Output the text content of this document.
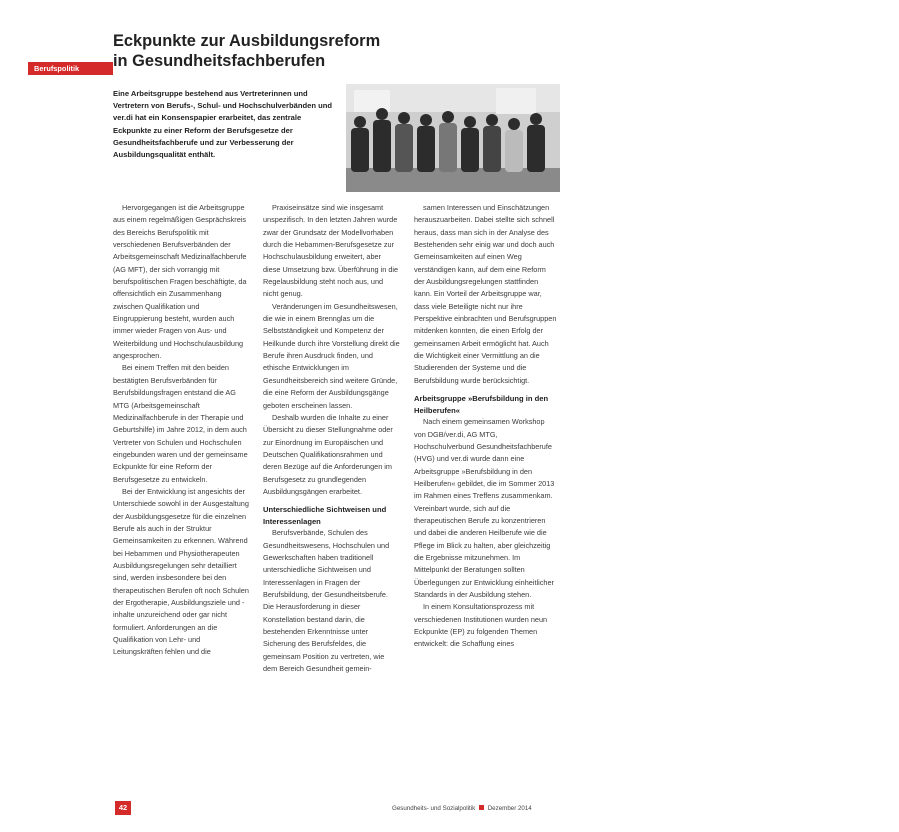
Eckpunkte zur Ausbildungsreform
in Gesundheitsfachberufen
Berufspolitik
Eine Arbeitsgruppe bestehend aus Vertreterinnen und Vertretern von Berufs-, Schul- und Hochschulverbänden und ver.di hat ein Konsenspapier erarbeitet, das zentrale Eckpunkte zu einer Reform der Berufsgesetze der Gesundheitsfachberufe und zur Verbesserung der Ausbildungsqualität enthält.
Foto: Jonas Schüle

Hervorgegangen ist die Arbeitsgruppe aus einem regelmäßigen Gesprächskreis des Bereichs Berufspolitik mit verschiedenen Berufsverbänden der Arbeitsgemeinschaft Medizinalfachberufe (AG MFT), der sich vorrangig mit berufspolitischen Fragen beschäftigte, da offensichtlich ein Zusammenhang zwischen Qualifikation und Eingruppierung besteht, wurden auch immer wieder Fragen von Aus- und Weiterbildung und Hochschulausbildung angesprochen.

Bei einem Treffen mit den beiden bestätigten Berufsverbänden für Berufsbildungsfragen entstand die AG MTG (Arbeitsgemeinschaft Medizinalfachberufe in der Therapie und Geburtshilfe) im Jahre 2012, in dem auch Vertreter von Schulen und Hochschulen eingebunden waren und der gemeinsame Eckpunkte für eine Reform der Berufsgesetze zu entwickeln.

Bei der Entwicklung ist angesichts der Unterschiede sowohl in der Ausgestaltung der Ausbildungsgesetze für die einzelnen Berufe als auch in der Struktur Gemeinsamkeiten zu erkennen. Während bei Hebammen und Physiotherapeuten Ausbildungsregelungen sehr detailliert sind, werden insbesondere bei den therapeutischen Berufen oft noch Schulen der Ergotherapie, Ausbildungsziele und -inhalte unzureichend oder gar nicht formuliert. Anforderungen an die Qualifikation von Lehr- und Leitungskräften fehlen und die

Praxiseinsätze sind wie insgesamt unspezifisch. In den letzten Jahren wurde zwar der Grundsatz der Modellvorhaben durch die Hebammen-Berufsgesetze zur Hochschulausbildung erweitert, aber diese Umsetzung bzw. Überführung in die Regelausbildung steht noch aus, und nicht genug.

Veränderungen im Gesundheitswesen, die wie in einem Brennglas um die Selbstständigkeit und Kompetenz der Heilkunde durch ihre Vorstellung direkt die Berufe ihren Ausdruck finden, und ethische Entwicklungen im Gesundheitsbereich sind weitere Gründe, die eine Reform der Ausbildungsgänge geboten erscheinen lassen.

Deshalb wurden die Inhalte zu einer Übersicht zu dieser Stellungnahme oder zur Einordnung im Europäischen und Deutschen Qualifikationsrahmen und deren Bezüge auf die Anforderungen im Berufsgesetz zu grundlegenden Ausbildungsgängen erarbeitet.

Unterschiedliche Sichtweisen und Interessenlagen

Berufsverbände, Schulen des Gesundheitswesens, Hochschulen und Gewerkschaften haben traditionell unterschiedliche Sichtweisen und Interessenlagen in Fragen der Berufsbildung, der Gesundheitsberufe. Die Herausforderung in dieser Konstellation bestand darin, die bestehenden Erkenntnisse unter Sicherung des Berufsfeldes, die gemeinsam Position zu vertreten, wie dem Bereich Gesundheit gemein-

samen Interessen und Einschätzungen herauszuarbeiten. Dabei stellte sich schnell heraus, dass man sich in der Analyse des Bestehenden sehr einig war und doch auch Gemeinsamkeiten auf einen Weg verständigen kann, auf dem eine Reform der Ausbildungsregelungen stattfinden kann. Ein Vorteil der Arbeitsgruppe war, dass viele Beteiligte nicht nur ihre Perspektive einbrachten und Berufsgruppen mitdenken konnten, die einen Erfolg der gemeinsamen Arbeit ermöglicht hat. Auch die Wichtigkeit einer Vermittlung an die Studierenden der Systeme und die Berufsbildung wurde berücksichtigt.

Arbeitsgruppe »Berufsbildung in den Heilberufen«

Nach einem gemeinsamen Workshop von DGB/ver.di, AG MTG, Hochschulverbund Gesundheitsfachberufe (HVG) und ver.di wurde dann eine Arbeitsgruppe »Berufsbildung in den Heilberufen« gebildet, die im Sommer 2013 im Rahmen eines Treffens zusammenkam. Vereinbart wurde, sich auf die therapeutischen Berufe zu konzentrieren und dabei die anderen Heilberufe wie die Pflege im Blick zu halten, aber gleichzeitig die Ergebnisse mitzunehmen. Im Mittelpunkt der Beratungen sollten Überlegungen zur Entwicklung einheitlicher Standards in der Ausbildung stehen.

In einem Konsultationsprozess mit verschiedenen Institutionen wurden neun Eckpunkte (EP) zu folgenden Themen entwickelt: die Schaffung eines

42	Gesundheits- und Sozialpolitik Dezember 2014
